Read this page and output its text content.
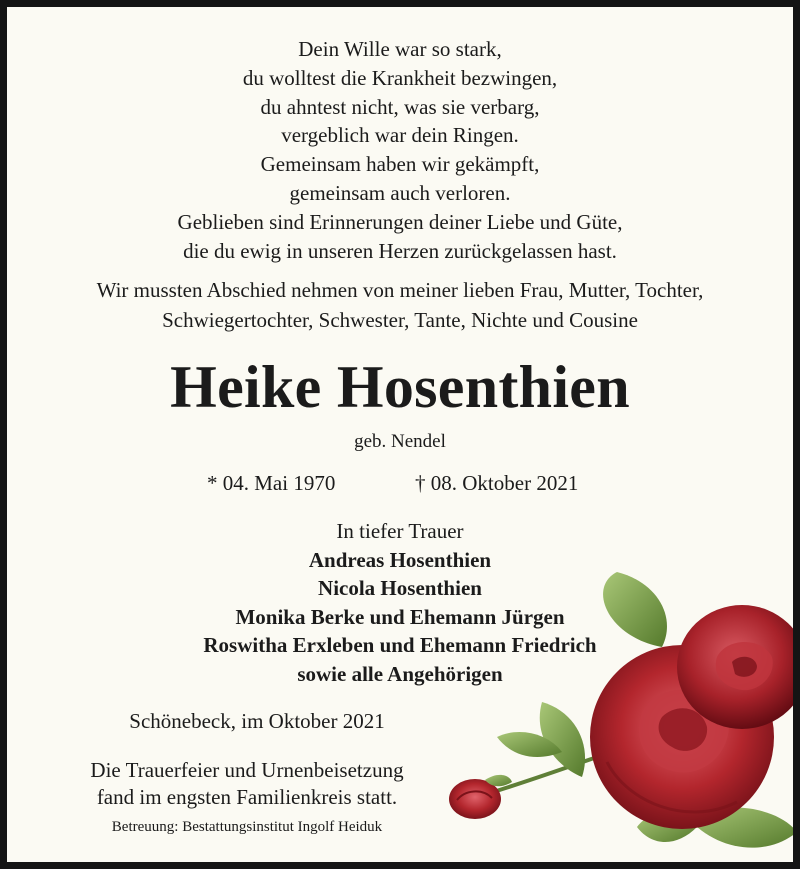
Dein Wille war so stark,
du wolltest die Krankheit bezwingen,
du ahntest nicht, was sie verbarg,
vergeblich war dein Ringen.
Gemeinsam haben wir gekämpft,
gemeinsam auch verloren.
Geblieben sind Erinnerungen deiner Liebe und Güte,
die du ewig in unseren Herzen zurückgelassen hast.
Wir mussten Abschied nehmen von meiner lieben Frau, Mutter, Tochter,
Schwiegertochter, Schwester, Tante, Nichte und Cousine
Heike Hosenthien
geb. Nendel
* 04. Mai 1970	† 08. Oktober 2021
In tiefer Trauer
Andreas Hosenthien
Nicola Hosenthien
Monika Berke und Ehemann Jürgen
Roswitha Erxleben und Ehemann Friedrich
sowie alle Angehörigen
Schönebeck, im Oktober 2021
Die Trauerfeier und Urnenbeisetzung
fand im engsten Familienkreis statt.
Betreuung: Bestattungsinstitut Ingolf Heiduk
